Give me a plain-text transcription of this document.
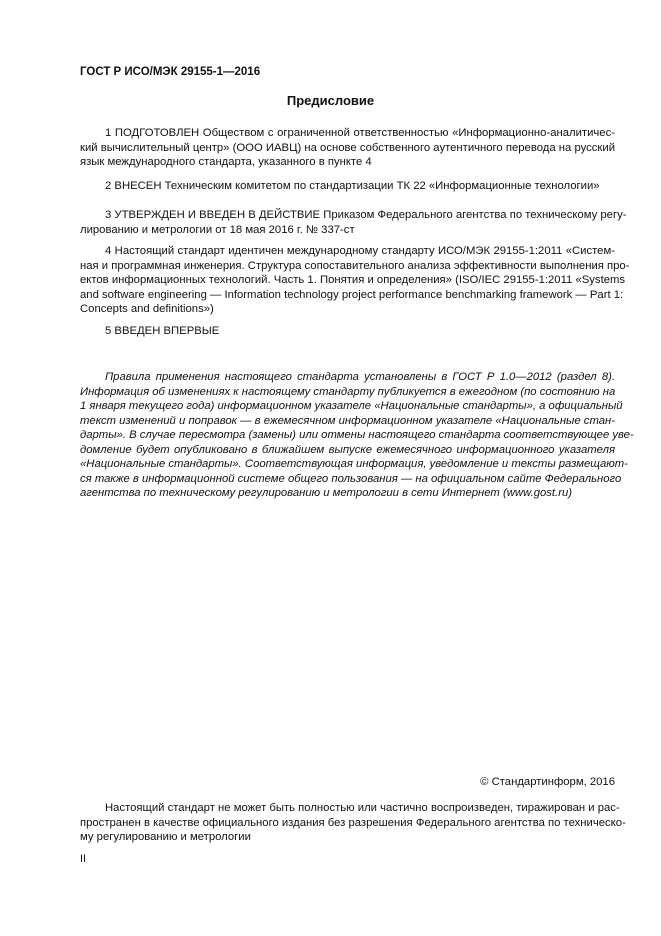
ГОСТ Р ИСО/МЭК 29155-1—2016
Предисловие
1 ПОДГОТОВЛЕН Обществом с ограниченной ответственностью «Информационно-аналитичес-
кий вычислительный центр» (ООО ИАВЦ) на основе собственного аутентичного перевода на русский
язык международного стандарта, указанного в пункте 4
2 ВНЕСЕН Техническим комитетом по стандартизации ТК 22 «Информационные технологии»
3 УТВЕРЖДЕН И ВВЕДЕН В ДЕЙСТВИЕ Приказом Федерального агентства по техническому регу-
лированию и метрологии от 18 мая 2016 г. № 337-ст
4 Настоящий стандарт идентичен международному стандарту ИСО/МЭК 29155-1:2011 «Систем-
ная и программная инженерия. Структура сопоставительного анализа эффективности выполнения про-
ектов информационных технологий. Часть 1. Понятия и определения» (ISO/IEC 29155-1:2011 «Systems
and software engineering — Information technology project performance benchmarking framework — Part 1:
Concepts and definitions»)
5 ВВЕДЕН ВПЕРВЫЕ
Правила применения настоящего стандарта установлены в ГОСТ Р 1.0—2012 (раздел 8).
Информация об изменениях к настоящему стандарту публикуется в ежегодном (по состоянию на
1 января текущего года) информационном указателе «Национальные стандарты», а официальный
текст изменений и поправок — в ежемесячном информационном указателе «Национальные стан-
дарты». В случае пересмотра (замены) или отмены настоящего стандарта соответствующее уве-
домление будет опубликовано в ближайшем выпуске ежемесячного информационного указателя
«Национальные стандарты». Соответствующая информация, уведомление и тексты размещают-
ся также в информационной системе общего пользования — на официальном сайте Федерального
агентства по техническому регулированию и метрологии в сети Интернет (www.gost.ru)
© Стандартинформ, 2016
Настоящий стандарт не может быть полностью или частично воспроизведен, тиражирован и рас-
пространен в качестве официального издания без разрешения Федерального агентства по техническо-
му регулированию и метрологии
II
